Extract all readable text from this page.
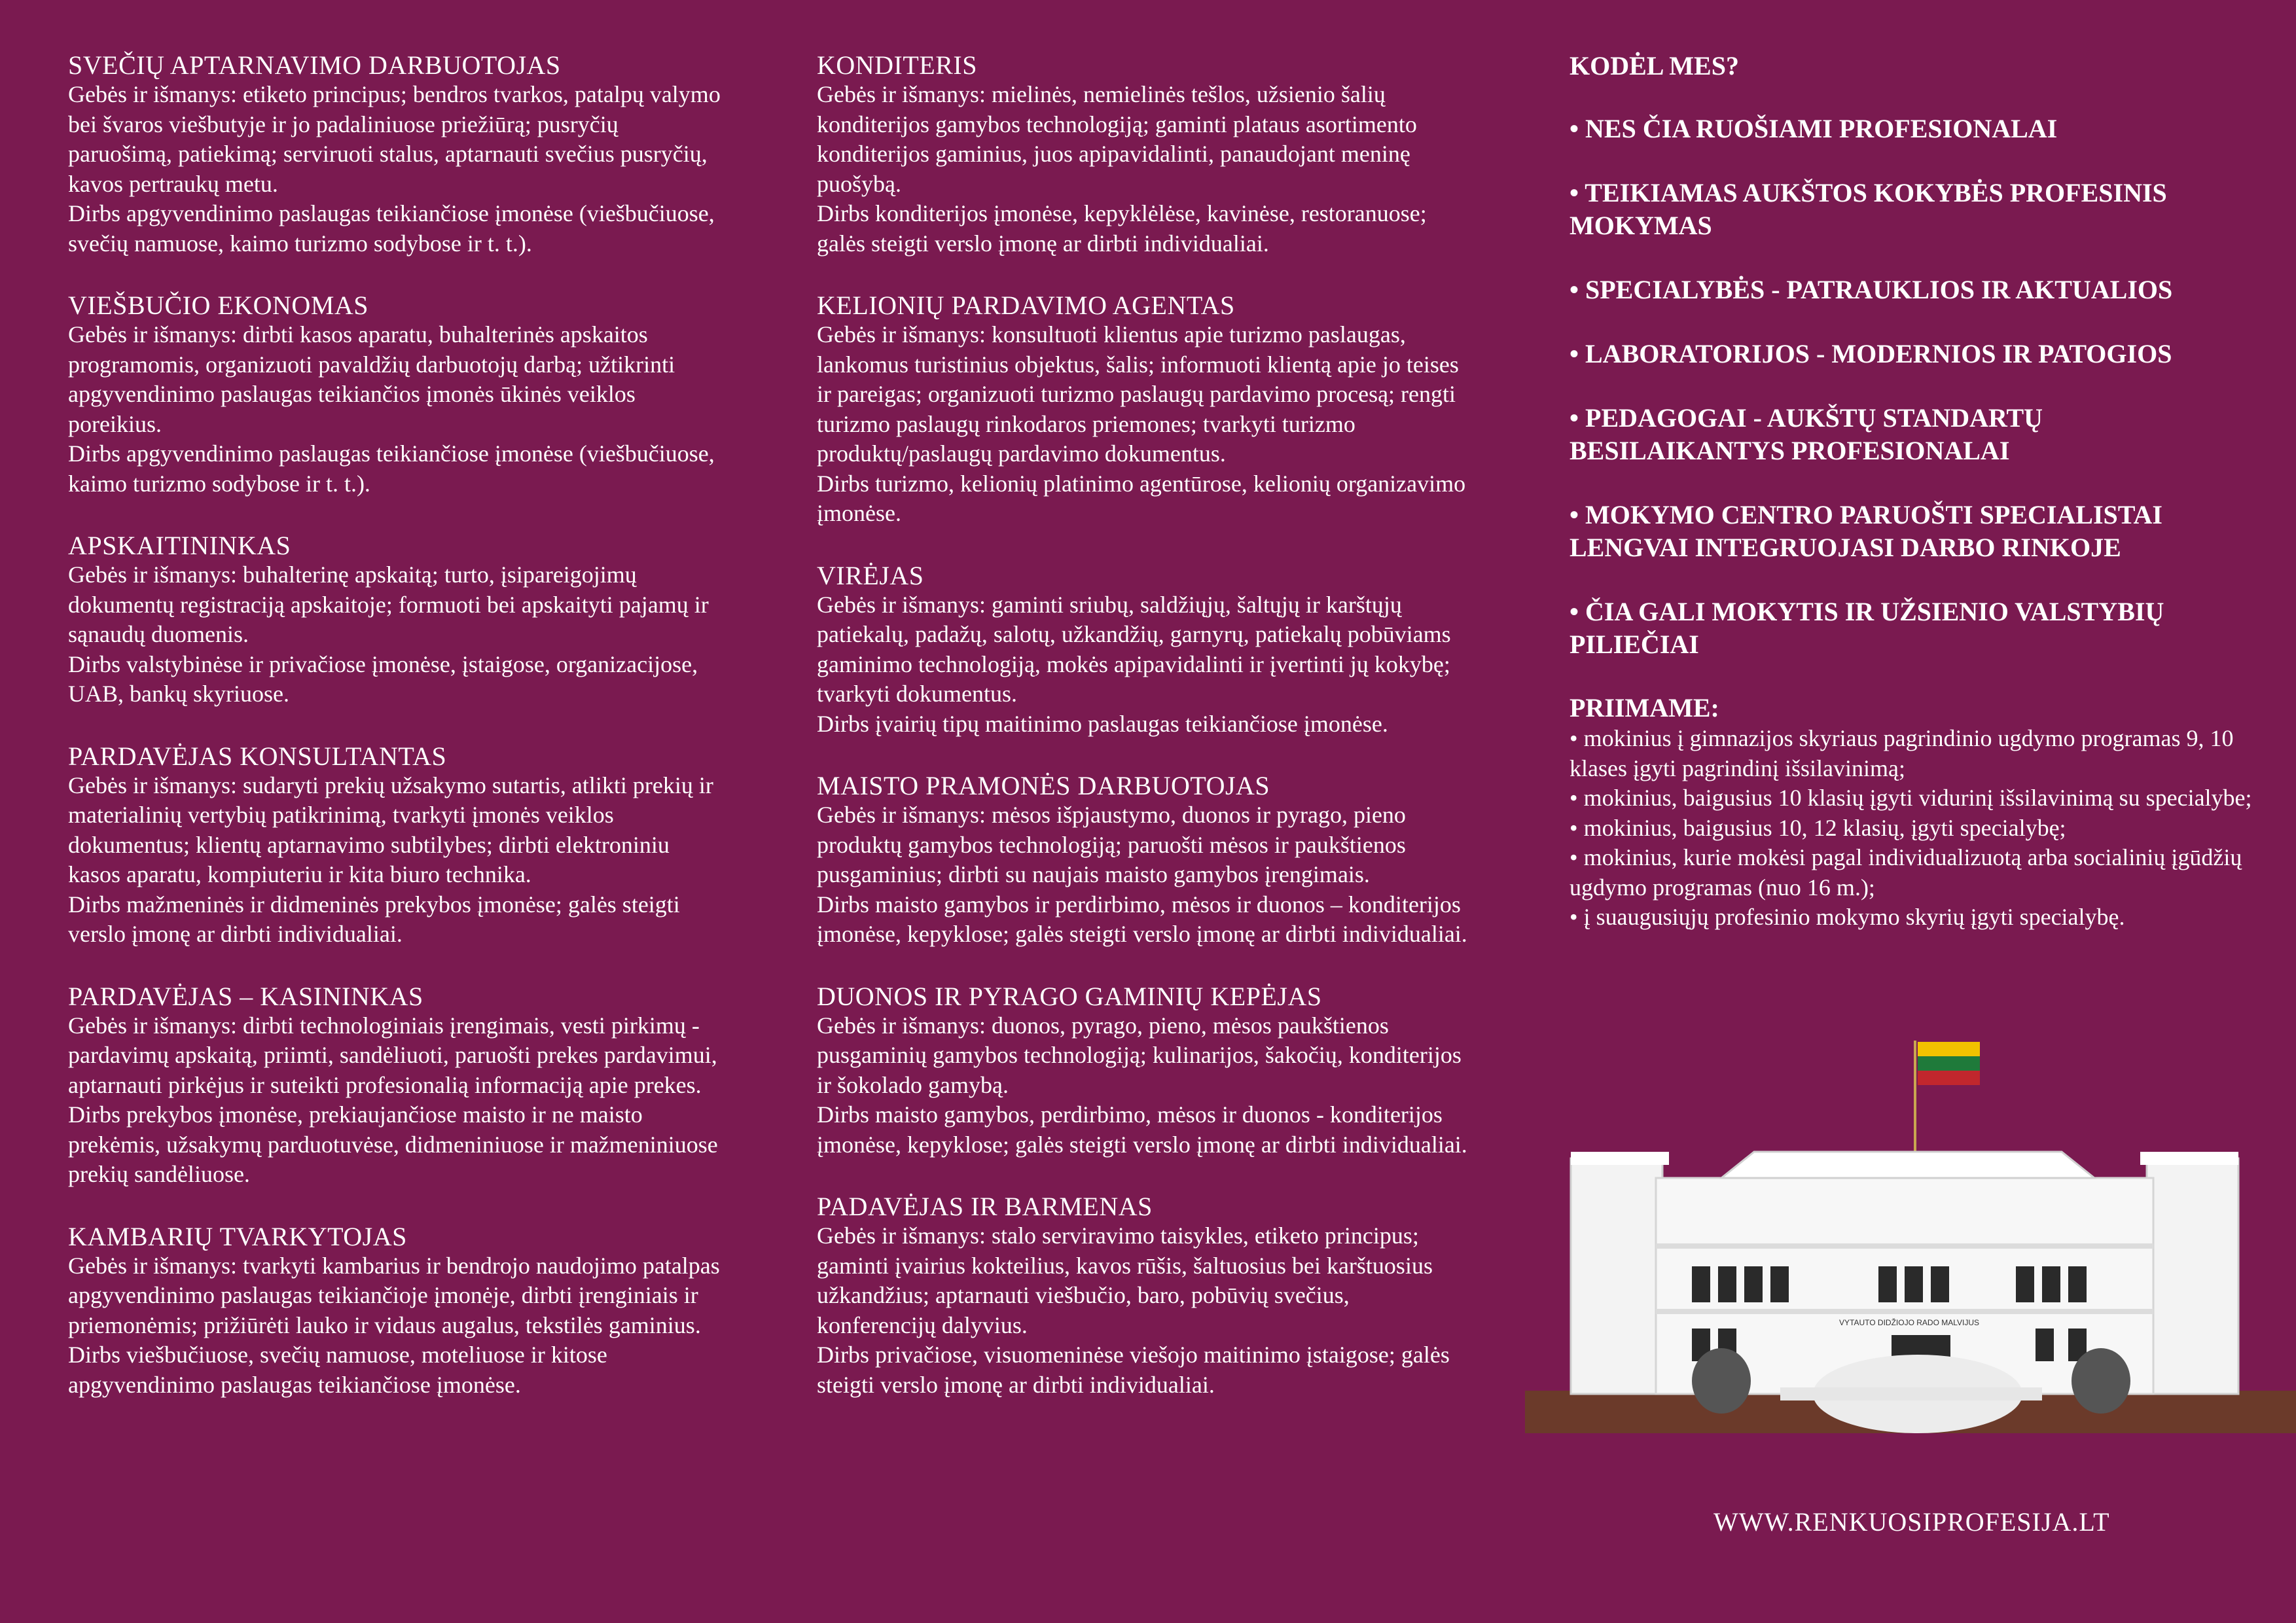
SVEČIŲ APTARNAVIMO DARBUOTOJAS

Gebės ir išmanys: etiketo principus; bendros tvarkos, patalpų valymo bei švaros viešbutyje ir jo padaliniuose priežiūrą; pusryčių paruošimą, patiekimą; serviruoti stalus, aptarnauti svečius pusryčių, kavos pertraukų metu.
Dirbs apgyvendinimo paslaugas teikiančiose įmonėse (viešbučiuose, svečių namuose, kaimo turizmo sodybose ir t. t.).

VIEŠBUČIO EKONOMAS

Gebės ir išmanys: dirbti kasos aparatu, buhalterinės apskaitos programomis, organizuoti pavaldžių darbuotojų darbą; užtikrinti apgyvendinimo paslaugas teikiančios įmonės ūkinės veiklos poreikius.
Dirbs apgyvendinimo paslaugas teikiančiose įmonėse (viešbučiuose, kaimo turizmo sodybose ir t. t.).

APSKAITININKAS

Gebės ir išmanys: buhalterinę apskaitą; turto, įsipareigojimų dokumentų registraciją apskaitoje; formuoti bei apskaityti pajamų ir sąnaudų duomenis.
Dirbs valstybinėse ir privačiose įmonėse, įstaigose, organizacijose, UAB, bankų skyriuose.

PARDAVĖJAS KONSULTANTAS

Gebės ir išmanys: sudaryti prekių užsakymo sutartis, atlikti prekių ir materialinių vertybių patikrinimą, tvarkyti įmonės veiklos dokumentus; klientų aptarnavimo subtilybes; dirbti elektroniniu kasos aparatu, kompiuteriu ir kita biuro technika.
Dirbs mažmeninės ir didmeninės prekybos įmonėse; galės steigti verslo įmonę ar dirbti individualiai.

PARDAVĖJAS – KASININKAS

Gebės ir išmanys: dirbti technologiniais įrengimais, vesti pirkimų - pardavimų apskaitą, priimti, sandėliuoti, paruošti prekes pardavimui, aptarnauti pirkėjus ir suteikti profesionalią informaciją apie prekes.
Dirbs prekybos įmonėse, prekiaujančiose maisto ir ne maisto prekėmis, užsakymų parduotuvėse, didmeniniuose ir mažmeniniuose prekių sandėliuose.

KAMBARIŲ TVARKYTOJAS

Gebės ir išmanys: tvarkyti kambarius ir bendrojo naudojimo patalpas apgyvendinimo paslaugas teikiančioje įmonėje, dirbti įrenginiais ir priemonėmis; prižiūrėti lauko ir vidaus augalus, tekstilės gaminius.
Dirbs viešbučiuose, svečių namuose, moteliuose ir kitose apgyvendinimo paslaugas teikiančiose įmonėse.

KONDITERIS

Gebės ir išmanys: mielinės, nemielinės tešlos, užsienio šalių konditerijos gamybos technologiją; gaminti plataus asortimento konditerijos gaminius, juos apipavidalinti, panaudojant meninę puošybą.
Dirbs konditerijos įmonėse, kepyklėlėse, kavinėse, restoranuose; galės steigti verslo įmonę ar dirbti individualiai.

KELIONIŲ PARDAVIMO AGENTAS

Gebės ir išmanys: konsultuoti klientus apie turizmo paslaugas, lankomus turistinius objektus, šalis; informuoti klientą apie jo teises ir pareigas; organizuoti turizmo paslaugų pardavimo procesą; rengti turizmo paslaugų rinkodaros priemones; tvarkyti turizmo produktų/paslaugų pardavimo dokumentus.
Dirbs turizmo, kelionių platinimo agentūrose, kelionių organizavimo įmonėse.

VIRĖJAS

Gebės ir išmanys: gaminti sriubų, saldžiųjų, šaltųjų ir karštųjų patiekalų, padažų, salotų, užkandžių, garnyrų, patiekalų pobūviams gaminimo technologiją, mokės apipavidalinti ir įvertinti jų kokybę; tvarkyti dokumentus.
Dirbs įvairių tipų maitinimo paslaugas teikiančiose įmonėse.

MAISTO PRAMONĖS DARBUOTOJAS

Gebės ir išmanys: mėsos išpjaustymo, duonos ir pyrago, pieno produktų gamybos technologiją; paruošti mėsos ir paukštienos pusgaminius; dirbti su naujais maisto gamybos įrengimais.
Dirbs maisto gamybos ir perdirbimo, mėsos ir duonos – konditerijos įmonėse, kepyklose; galės steigti verslo įmonę ar dirbti individualiai.

DUONOS IR PYRAGO GAMINIŲ KEPĖJAS

Gebės ir išmanys: duonos, pyrago, pieno, mėsos paukštienos pusgaminių gamybos technologiją; kulinarijos, šakočių, konditerijos ir šokolado gamybą.
Dirbs maisto gamybos, perdirbimo, mėsos ir duonos - konditerijos įmonėse, kepyklose; galės steigti verslo įmonę ar dirbti individualiai.

PADAVĖJAS IR BARMENAS

Gebės ir išmanys: stalo serviravimo taisykles, etiketo principus; gaminti įvairius kokteilius, kavos rūšis, šaltuosius bei karštuosius užkandžius; aptarnauti viešbučio, baro, pobūvių svečius, konferencijų dalyvius.
Dirbs privačiose, visuomeninėse viešojo maitinimo įstaigose; galės steigti verslo įmonę ar dirbti individualiai.

KODĖL MES?
• NES ČIA RUOŠIAMI PROFESIONALAI
• TEIKIAMAS AUKŠTOS KOKYBĖS PROFESINIS MOKYMAS
• SPECIALYBĖS - PATRAUKLIOS IR AKTUALIOS
• LABORATORIJOS - MODERNIOS IR PATOGIOS
• PEDAGOGAI - AUKŠTŲ STANDARTŲ BESILAIKANTYS PROFESIONALAI
• MOKYMO CENTRO PARUOŠTI SPECIALISTAI LENGVAI INTEGRUOJASI DARBO RINKOJE
• ČIA GALI MOKYTIS IR UŽSIENIO VALSTYBIŲ PILIEČIAI
PRIIMAME:
• mokinius į gimnazijos skyriaus pagrindinio ugdymo programas 9, 10 klases įgyti pagrindinį išsilavinimą;
• mokinius, baigusius 10 klasių įgyti vidurinį išsilavinimą su specialybe;
• mokinius, baigusius 10, 12 klasių, įgyti specialybę;
• mokinius, kurie mokėsi pagal individualizuotą arba socialinių įgūdžių ugdymo programas (nuo 16 m.);
• į suaugusiųjų profesinio mokymo skyrių įgyti specialybę.
VYTAUTO DIDŽIOJO RADO MALVIJUS
WWW.RENKUOSIPROFESIJA.LT
